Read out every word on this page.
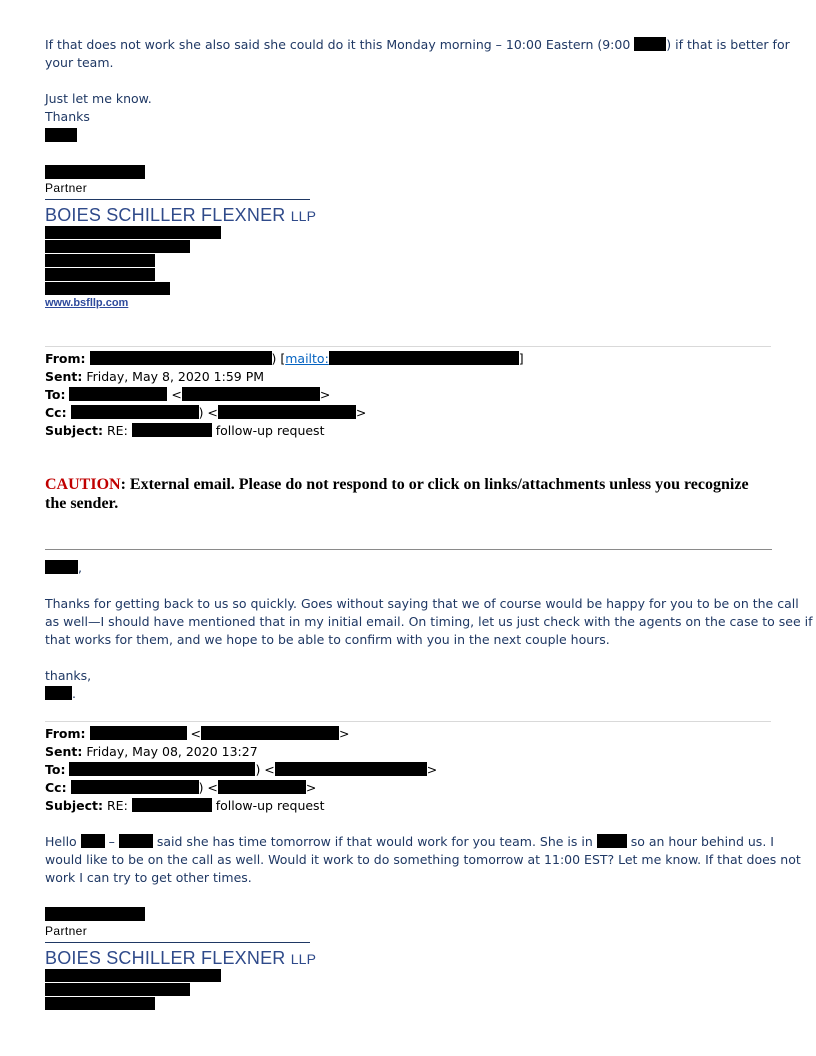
If that does not work she also said she could do it this Monday morning – 10:00 Eastern (9:00	) if that is better for
your team.
Just let me know.
Thanks
Partner
BOIES SCHILLER FLEXNER LLP
www.bsfllp.com
From:	) [mailto:	]
Sent: Friday, May 8, 2020 1:59 PM
To:	<	>
Cc:	) <	>
Subject: RE:	follow-up request
CAUTION: External email. Please do not respond to or click on links/attachments unless you recognize
the sender.
,
Thanks for getting back to us so quickly. Goes without saying that we of course would be happy for you to be on the call
as well—I should have mentioned that in my initial email. On timing, let us just check with the agents on the case to see if
that works for them, and we hope to be able to confirm with you in the next couple hours.
thanks,
.
From:	<	>
Sent: Friday, May 08, 2020 13:27
To:	) <	>
Cc:	) <	>
Subject: RE:	follow-up request
Hello	–	said she has time tomorrow if that would work for you team. She is in	so an hour behind us. I
would like to be on the call as well. Would it work to do something tomorrow at 11:00 EST? Let me know. If that does not
work I can try to get other times.
Partner
BOIES SCHILLER FLEXNER LLP
